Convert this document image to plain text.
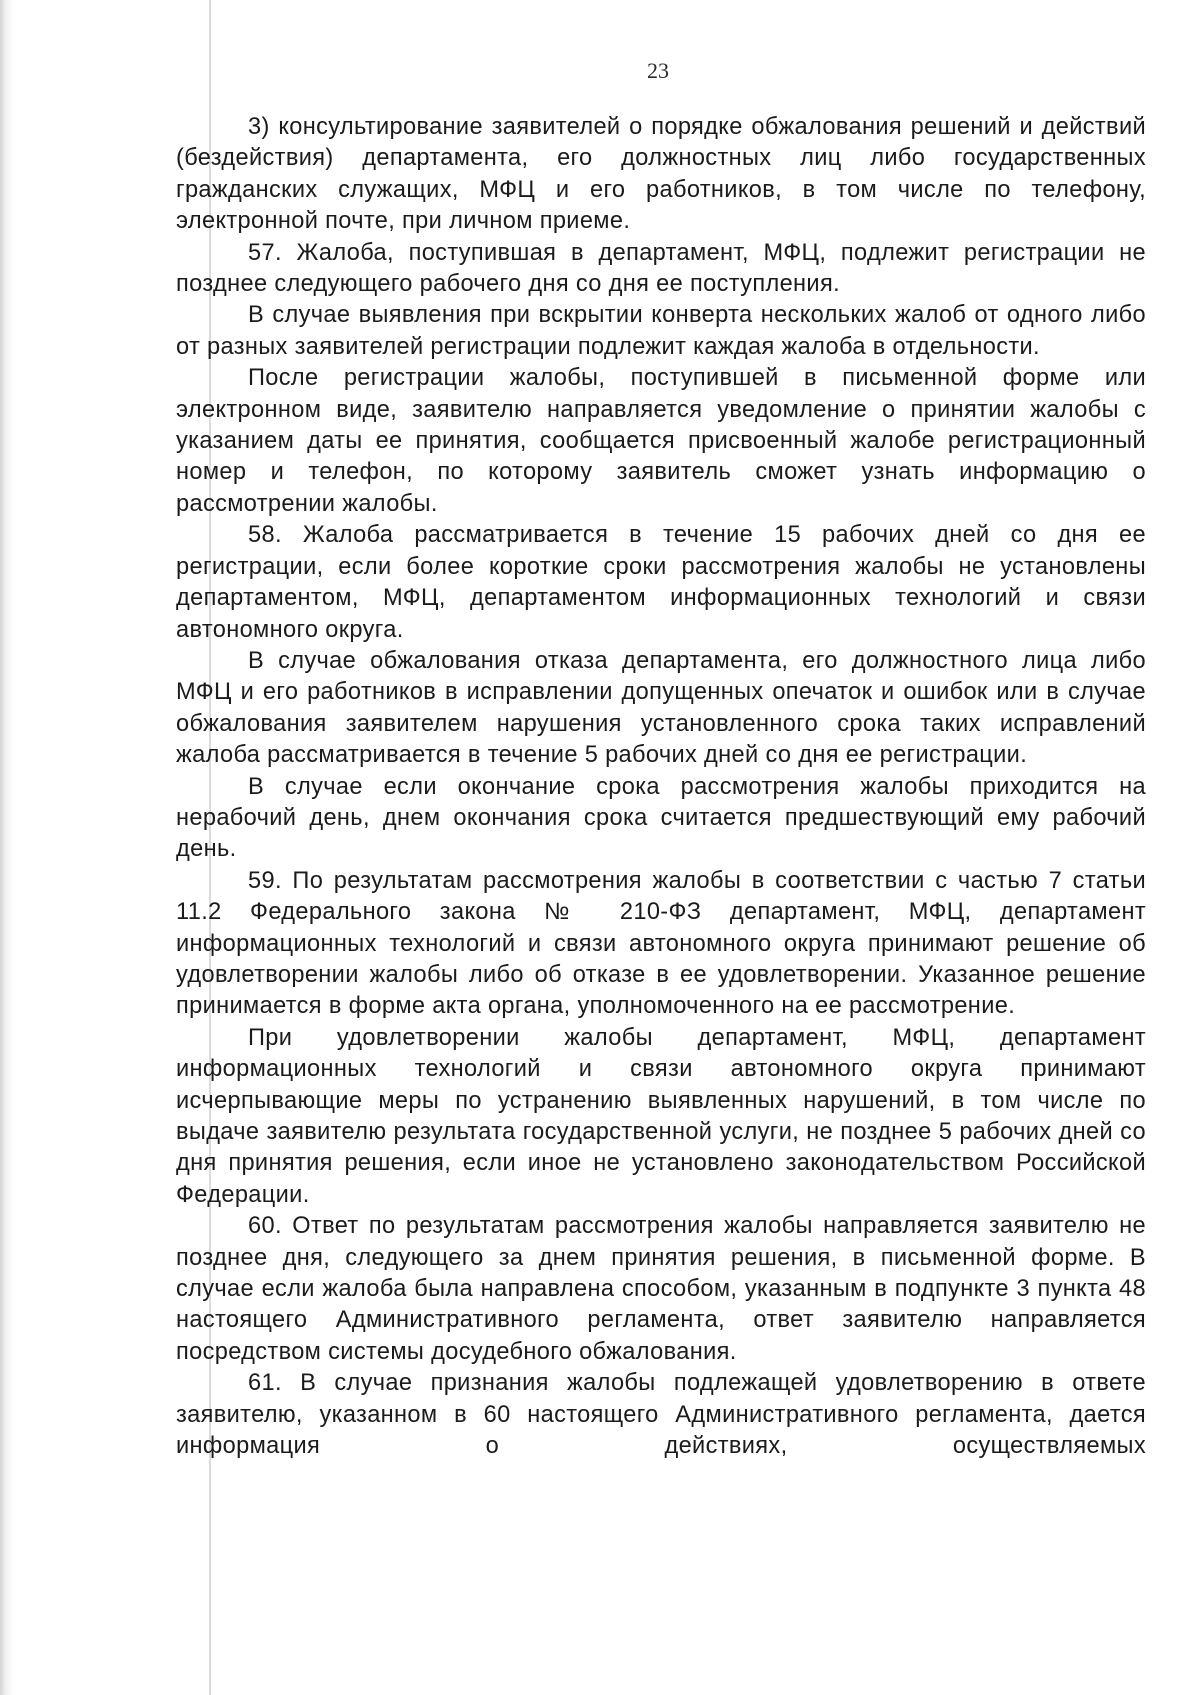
23

3) консультирование заявителей о порядке обжалования решений и действий (бездействия) департамента, его должностных лиц либо государственных гражданских служащих, МФЦ и его работников, в том числе по телефону, электронной почте, при личном приеме.

57. Жалоба, поступившая в департамент, МФЦ, подлежит регистрации не позднее следующего рабочего дня со дня ее поступления.

В случае выявления при вскрытии конверта нескольких жалоб от одного либо от разных заявителей регистрации подлежит каждая жалоба в отдельности.

После регистрации жалобы, поступившей в письменной форме или электронном виде, заявителю направляется уведомление о принятии жалобы с указанием даты ее принятия, сообщается присвоенный жалобе регистрационный номер и телефон, по которому заявитель сможет узнать информацию о рассмотрении жалобы.

58. Жалоба рассматривается в течение 15 рабочих дней со дня ее регистрации, если более короткие сроки рассмотрения жалобы не установлены департаментом, МФЦ, департаментом информационных технологий и связи автономного округа.

В случае обжалования отказа департамента, его должностного лица либо МФЦ и его работников в исправлении допущенных опечаток и ошибок или в случае обжалования заявителем нарушения установленного срока таких исправлений жалоба рассматривается в течение 5 рабочих дней со дня ее регистрации.

В случае если окончание срока рассмотрения жалобы приходится на нерабочий день, днем окончания срока считается предшествующий ему рабочий день.

59. По результатам рассмотрения жалобы в соответствии с частью 7 статьи 11.2 Федерального закона № 210-ФЗ департамент, МФЦ, департамент информационных технологий и связи автономного округа принимают решение об удовлетворении жалобы либо об отказе в ее удовлетворении. Указанное решение принимается в форме акта органа, уполномоченного на ее рассмотрение.

При удовлетворении жалобы департамент, МФЦ, департамент информационных технологий и связи автономного округа принимают исчерпывающие меры по устранению выявленных нарушений, в том числе по выдаче заявителю результата государственной услуги, не позднее 5 рабочих дней со дня принятия решения, если иное не установлено законодательством Российской Федерации.

60. Ответ по результатам рассмотрения жалобы направляется заявителю не позднее дня, следующего за днем принятия решения, в письменной форме. В случае если жалоба была направлена способом, указанным в подпункте 3 пункта 48 настоящего Административного регламента, ответ заявителю направляется посредством системы досудебного обжалования.

61. В случае признания жалобы подлежащей удовлетворению в ответе заявителю, указанном в 60 настоящего Административного регламента, дается информация о действиях, осуществляемых
